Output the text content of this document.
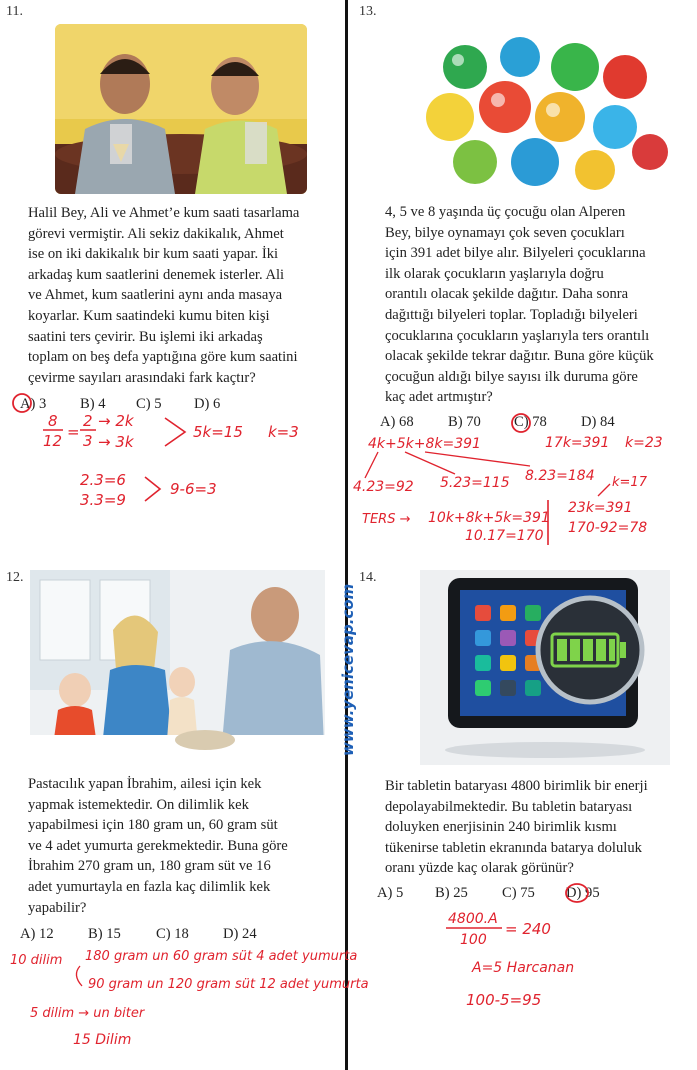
11.
Halil Bey, Ali ve Ahmet’e kum saati tasarlama
görevi vermiştir. Ali sekiz dakikalık, Ahmet
ise on iki dakikalık bir kum saati yapar. İki
arkadaş kum saatlerini denemek isterler. Ali
ve Ahmet, kum saatlerini aynı anda masaya
koyarlar. Kum saatindeki kumu biten kişi
saatini ters çevirir. Bu işlemi iki arkadaş
toplam on beş defa yaptığına göre kum saatini
çevirme sayıları arasındaki fark kaçtır?
A) 3	B) 4	C) 5	D) 6
12.
Pastacılık yapan İbrahim, ailesi için kek
yapmak istemektedir. On dilimlik kek
yapabilmesi için 180 gram un, 60 gram süt
ve 4 adet yumurta gerekmektedir. Buna göre
İbrahim 270 gram un, 180 gram süt ve 16
adet yumurtayla en fazla kaç dilimlik kek
yapabilir?
A) 12	B) 15	C) 18	D) 24
13.
4, 5 ve 8 yaşında üç çocuğu olan Alperen
Bey, bilye oynamayı çok seven çocukları
için 391 adet bilye alır. Bilyeleri çocuklarına
ilk olarak çocukların yaşlarıyla doğru
orantılı olacak şekilde dağıtır. Daha sonra
dağıttığı bilyeleri toplar. Topladığı bilyeleri
çocuklarına çocukların yaşlarıyla ters orantılı
olacak şekilde tekrar dağıtır. Buna göre küçük
çocuğun aldığı bilye sayısı ilk duruma göre
kaç adet artmıştır?
A) 68	B) 70	C) 78	D) 84
14.
Bir tabletin bataryası 4800 birimlik bir enerji
depolayabilmektedir. Bu tabletin bataryası
doluyken enerjisinin 240 birimlik kısmı
tükenirse tabletin ekranında batarya doluluk
oranı yüzde kaç olarak görünür?
A) 5	B) 25	C) 75	D) 95
www.yenicevap.com
8
12 =
2
3
→ 2k
→ 3k
5k=15 k=3
2.3=6
3.3=9
9-6=3
4k+5k+8k=391	17k=391 k=23
4.23=92 5.23=115 8.23=184
TERS → 10k+8k+5k=391
23k=391
k=17
10.17=170 170-92=78
10 dilim 180 gram un 60 gram süt 4 adet yumurta
90 gram un 120 gram süt 12 adet yumurta
5 dilim → un biter
15 Dilim
4800.A
100
= 240
A=5 Harcanan
100-5=95
